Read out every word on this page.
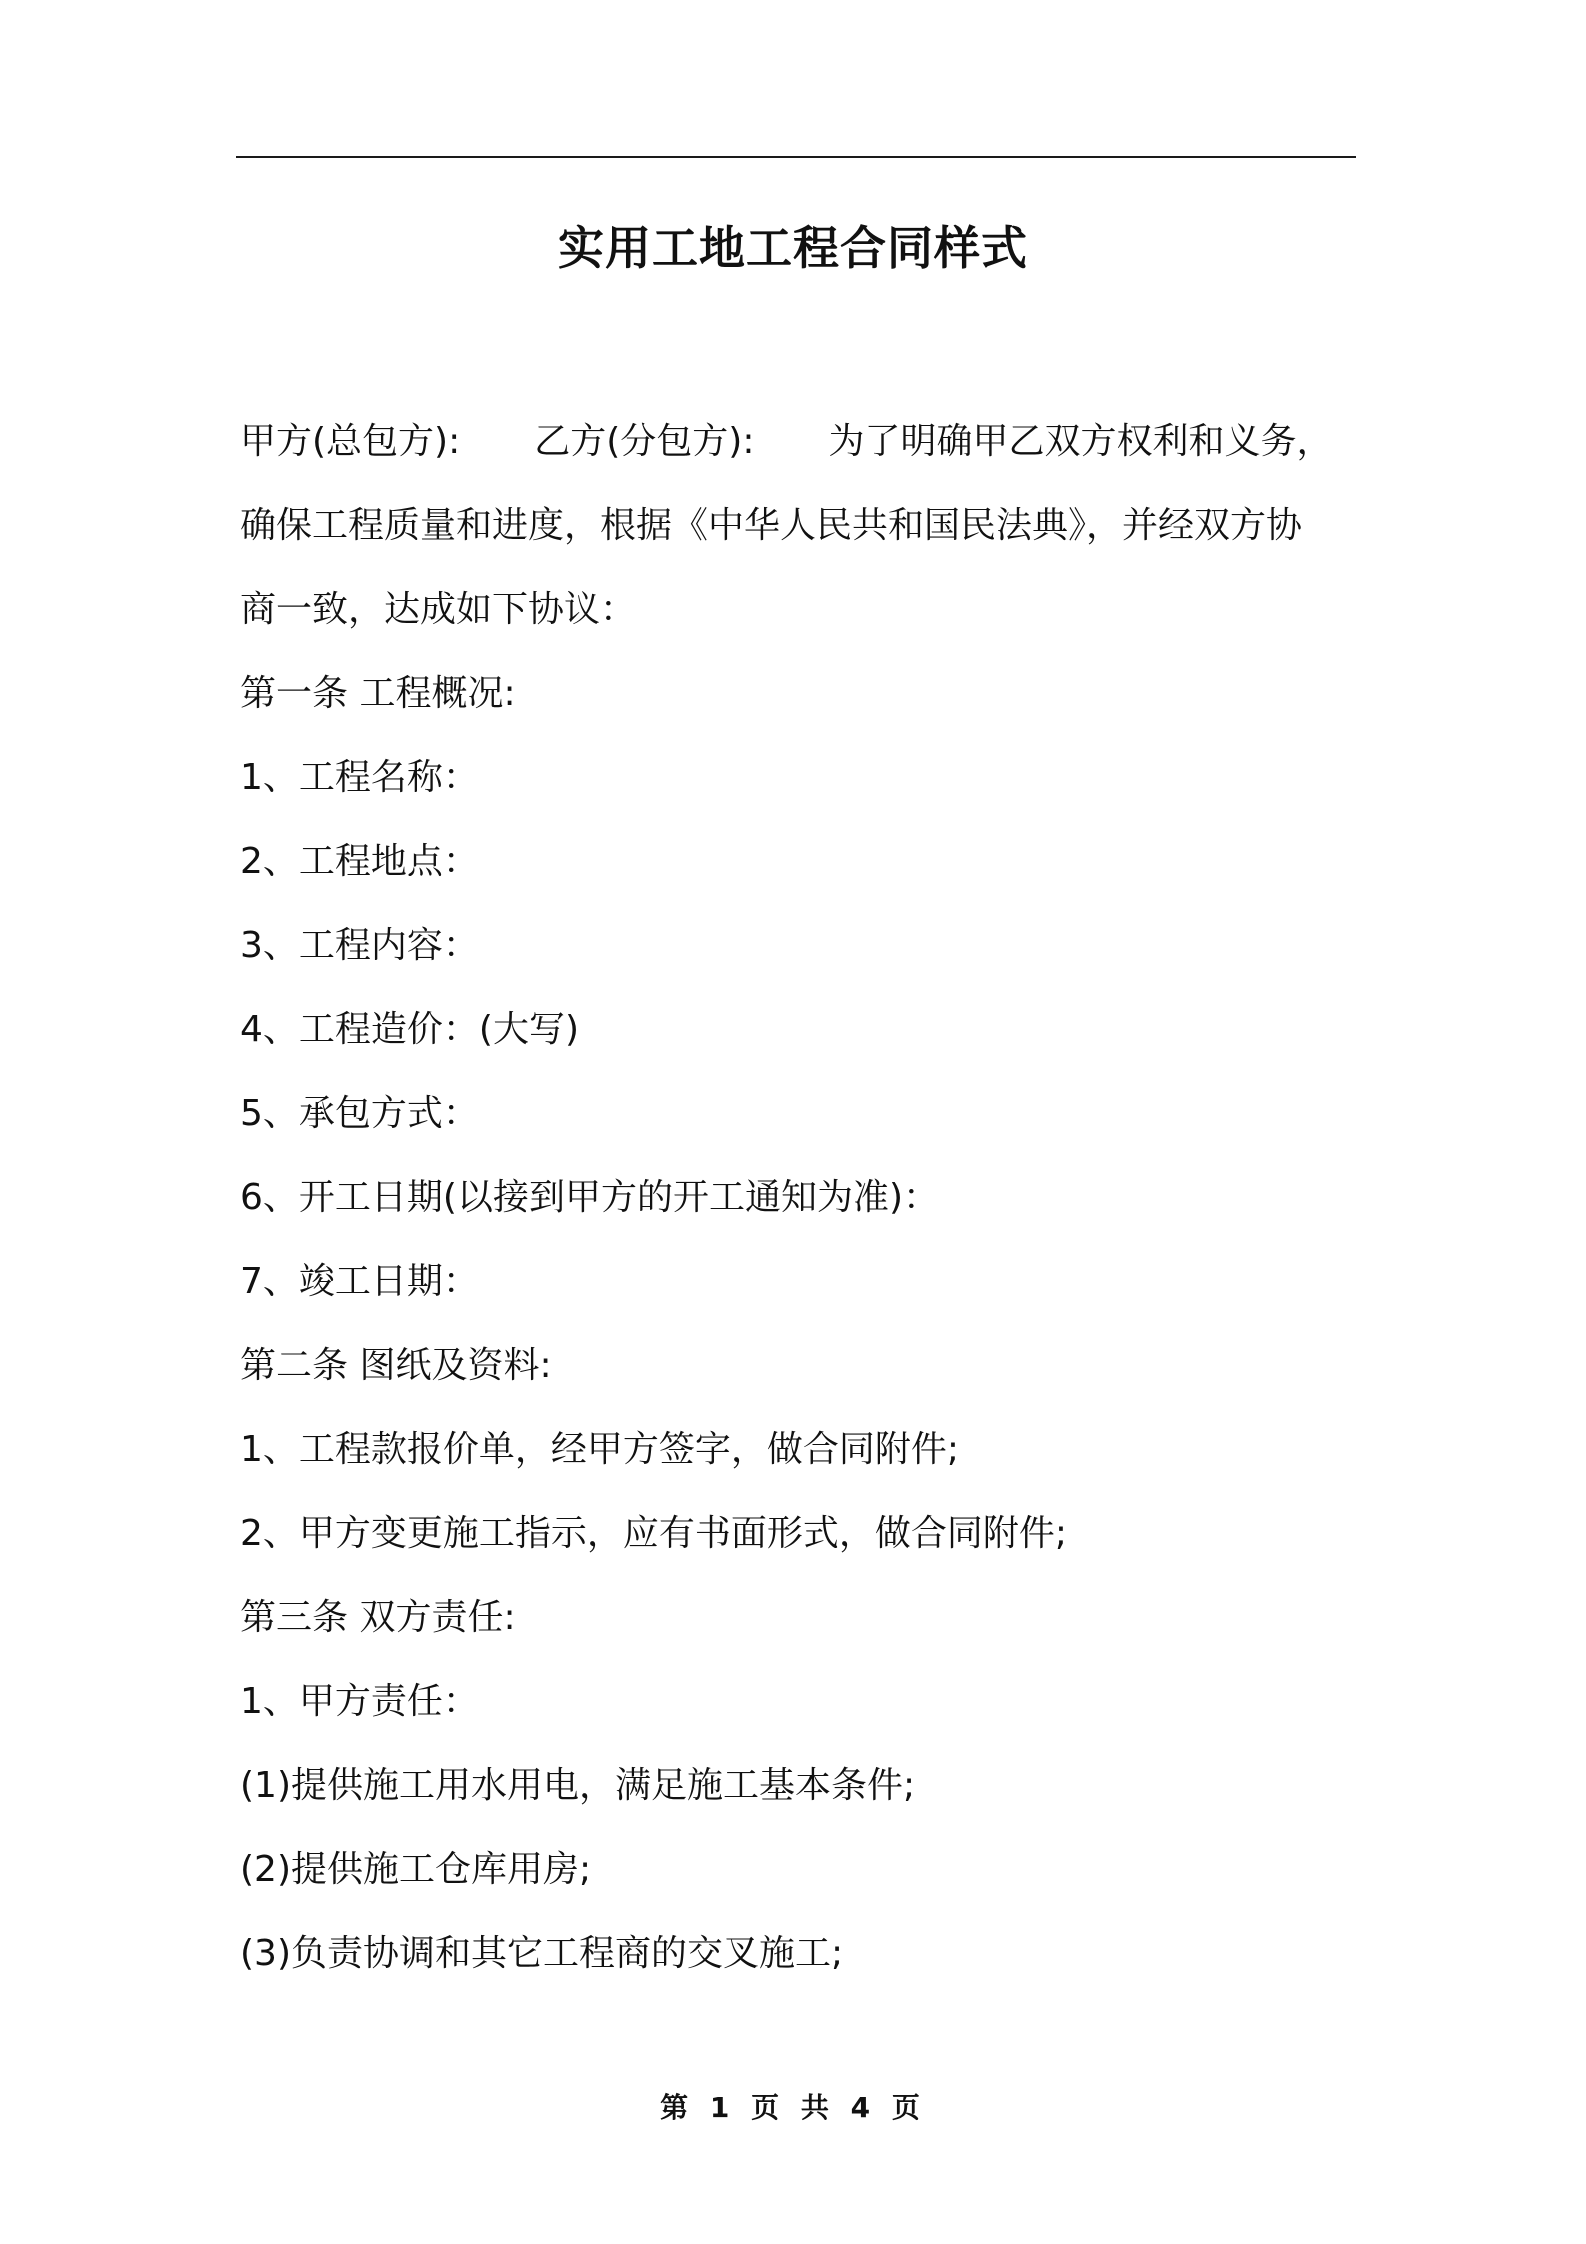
实用工地工程合同样式

甲方(总包方): 乙方(分包方): 为了明确甲乙双方权利和义务，

确保工程质量和进度，根据《中华人民共和国民法典》，并经双方协

商一致，达成如下协议：

第一条 工程概况:

1、工程名称：

2、工程地点：

3、工程内容：

4、工程造价：(大写)

5、承包方式：

6、开工日期(以接到甲方的开工通知为准)：

7、竣工日期：

第二条 图纸及资料:

1、工程款报价单，经甲方签字，做合同附件;

2、甲方变更施工指示，应有书面形式，做合同附件;

第三条 双方责任:

1、甲方责任：

(1)提供施工用水用电，满足施工基本条件;

(2)提供施工仓库用房;

(3)负责协调和其它工程商的交叉施工;

第 1 页 共 4 页
